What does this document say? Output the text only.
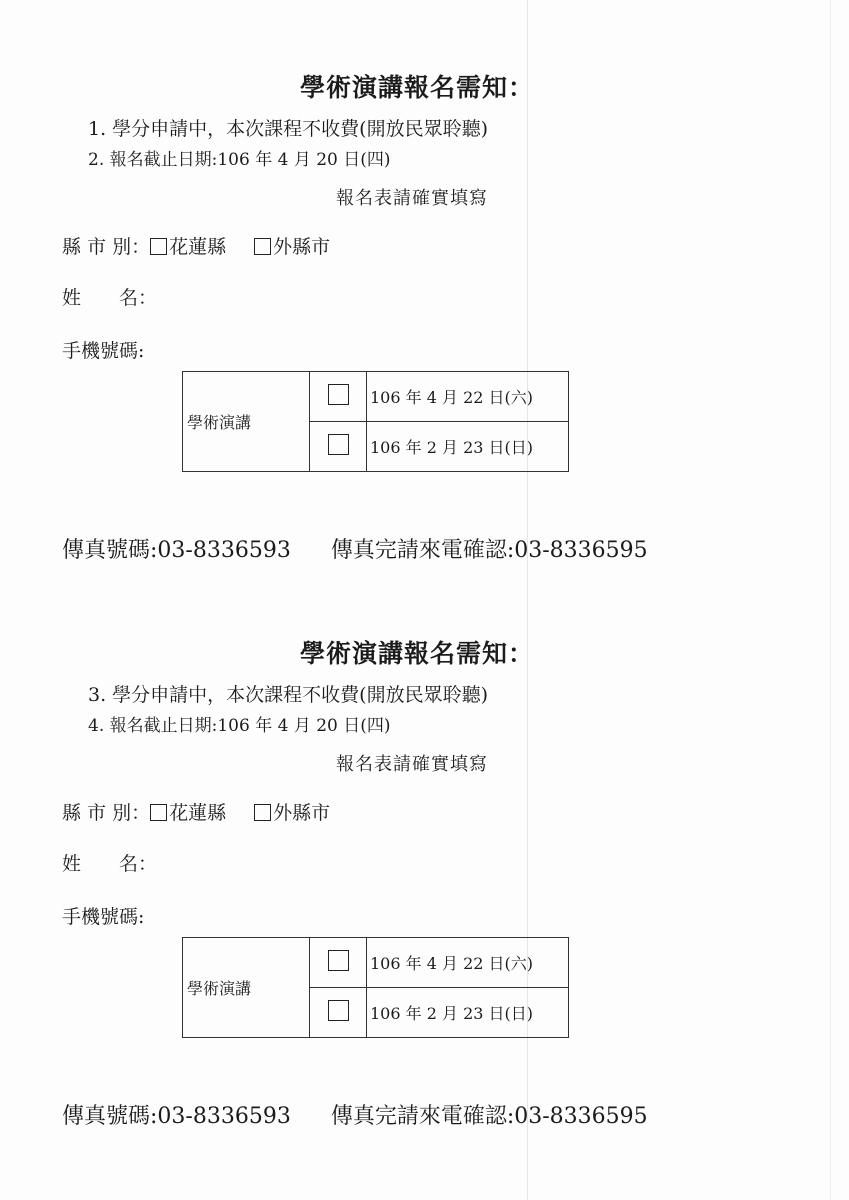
學術演講報名需知：
1. 學分申請中，本次課程不收費(開放民眾聆聽)
2. 報名截止日期:106 年 4 月 20 日(四)
報名表請確實填寫
縣 市 別： 花蓮縣 外縣市
姓　　名：
手機號碼:
學術演講		106 年 4 月 22 日(六)
		106 年 2 月 23 日(日)
傳真號碼:03-8336593 傳真完請來電確認:03-8336595
學術演講報名需知：
3. 學分申請中，本次課程不收費(開放民眾聆聽)
4. 報名截止日期:106 年 4 月 20 日(四)
報名表請確實填寫
縣 市 別： 花蓮縣 外縣市
姓　　名：
手機號碼:
學術演講		106 年 4 月 22 日(六)
		106 年 2 月 23 日(日)
傳真號碼:03-8336593 傳真完請來電確認:03-8336595
